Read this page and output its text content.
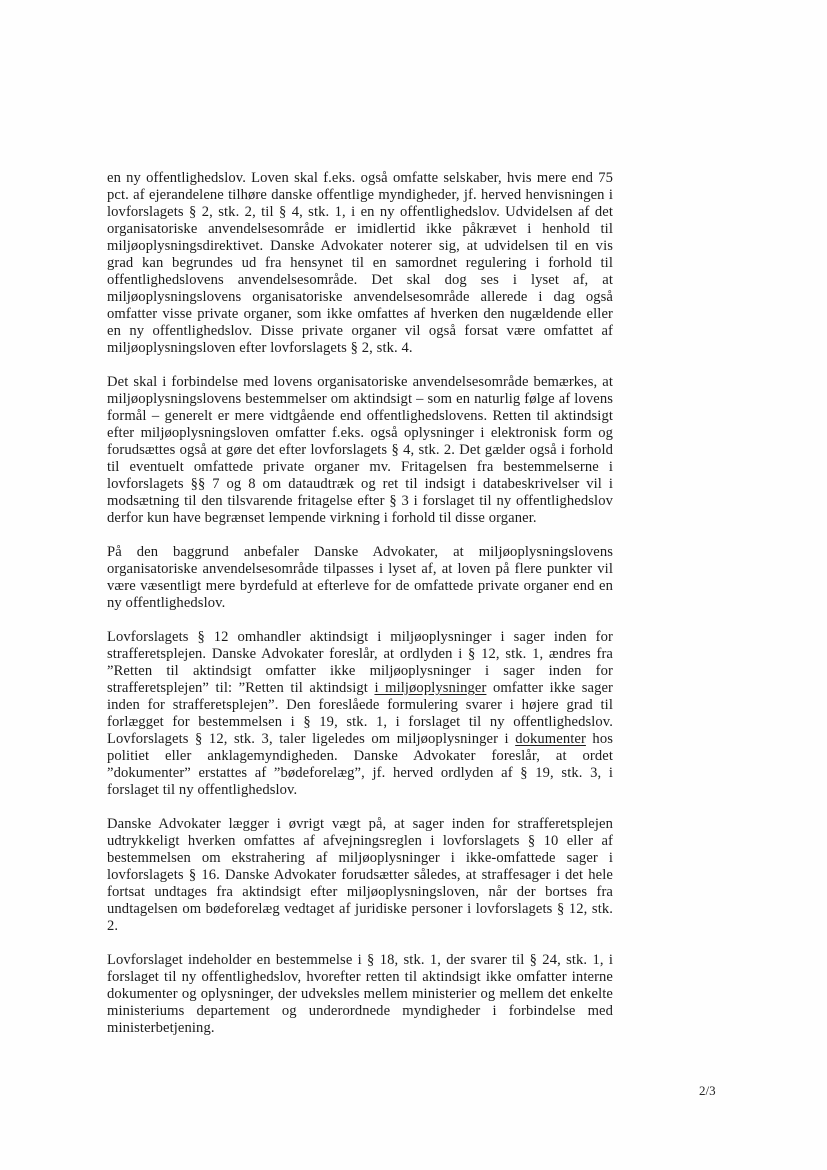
en ny offentlighedslov. Loven skal f.eks. også omfatte selskaber, hvis mere end 75 pct. af ejerandelene tilhøre danske offentlige myndigheder, jf. herved henvisningen i lovforslagets § 2, stk. 2, til § 4, stk. 1, i en ny offentlighedslov. Udvidelsen af det organisatoriske anvendelsesområde er imidlertid ikke påkrævet i henhold til miljøoplysningsdirektivet. Danske Advokater noterer sig, at udvidelsen til en vis grad kan begrundes ud fra hensynet til en samordnet regulering i forhold til offentlighedslovens anvendelsesområde. Det skal dog ses i lyset af, at miljøoplysningslovens organisatoriske anvendelsesområde allerede i dag også omfatter visse private organer, som ikke omfattes af hverken den nugældende eller en ny offentlighedslov. Disse private organer vil også forsat være omfattet af miljøoplysningsloven efter lovforslagets § 2, stk. 4.

Det skal i forbindelse med lovens organisatoriske anvendelsesområde bemærkes, at miljøoplysningslovens bestemmelser om aktindsigt – som en naturlig følge af lovens formål – generelt er mere vidtgående end offentlighedslovens. Retten til aktindsigt efter miljøoplysningsloven omfatter f.eks. også oplysninger i elektronisk form og forudsættes også at gøre det efter lovforslagets § 4, stk. 2. Det gælder også i forhold til eventuelt omfattede private organer mv. Fritagelsen fra bestemmelserne i lovforslagets §§ 7 og 8 om dataudtræk og ret til indsigt i databeskrivelser vil i modsætning til den tilsvarende fritagelse efter § 3 i forslaget til ny offentlighedslov derfor kun have begrænset lempende virkning i forhold til disse organer.

På den baggrund anbefaler Danske Advokater, at miljøoplysningslovens organisatoriske anvendelsesområde tilpasses i lyset af, at loven på flere punkter vil være væsentligt mere byrdefuld at efterleve for de omfattede private organer end en ny offentlighedslov.

Lovforslagets § 12 omhandler aktindsigt i miljøoplysninger i sager inden for strafferetsplejen. Danske Advokater foreslår, at ordlyden i § 12, stk. 1, ændres fra ”Retten til aktindsigt omfatter ikke miljøoplysninger i sager inden for strafferetsplejen” til: ”Retten til aktindsigt i miljøoplysninger omfatter ikke sager inden for strafferetsplejen”. Den foreslåede formulering svarer i højere grad til forlægget for bestemmelsen i § 19, stk. 1, i forslaget til ny offentlighedslov. Lovforslagets § 12, stk. 3, taler ligeledes om miljøoplysninger i dokumenter hos politiet eller anklagemyndigheden. Danske Advokater foreslår, at ordet ”dokumenter” erstattes af ”bødeforelæg”, jf. herved ordlyden af § 19, stk. 3, i forslaget til ny offentlighedslov.

Danske Advokater lægger i øvrigt vægt på, at sager inden for strafferetsplejen udtrykkeligt hverken omfattes af afvejningsreglen i lovforslagets § 10 eller af bestemmelsen om ekstrahering af miljøoplysninger i ikke-omfattede sager i lovforslagets § 16. Danske Advokater forudsætter således, at straffesager i det hele fortsat undtages fra aktindsigt efter miljøoplysningsloven, når der bortses fra undtagelsen om bødeforelæg vedtaget af juridiske personer i lovforslagets § 12, stk. 2.

Lovforslaget indeholder en bestemmelse i § 18, stk. 1, der svarer til § 24, stk. 1, i forslaget til ny offentlighedslov, hvorefter retten til aktindsigt ikke omfatter interne dokumenter og oplysninger, der udveksles mellem ministerier og mellem det enkelte ministeriums departement og underordnede myndigheder i forbindelse med ministerbetjening.

2/3
